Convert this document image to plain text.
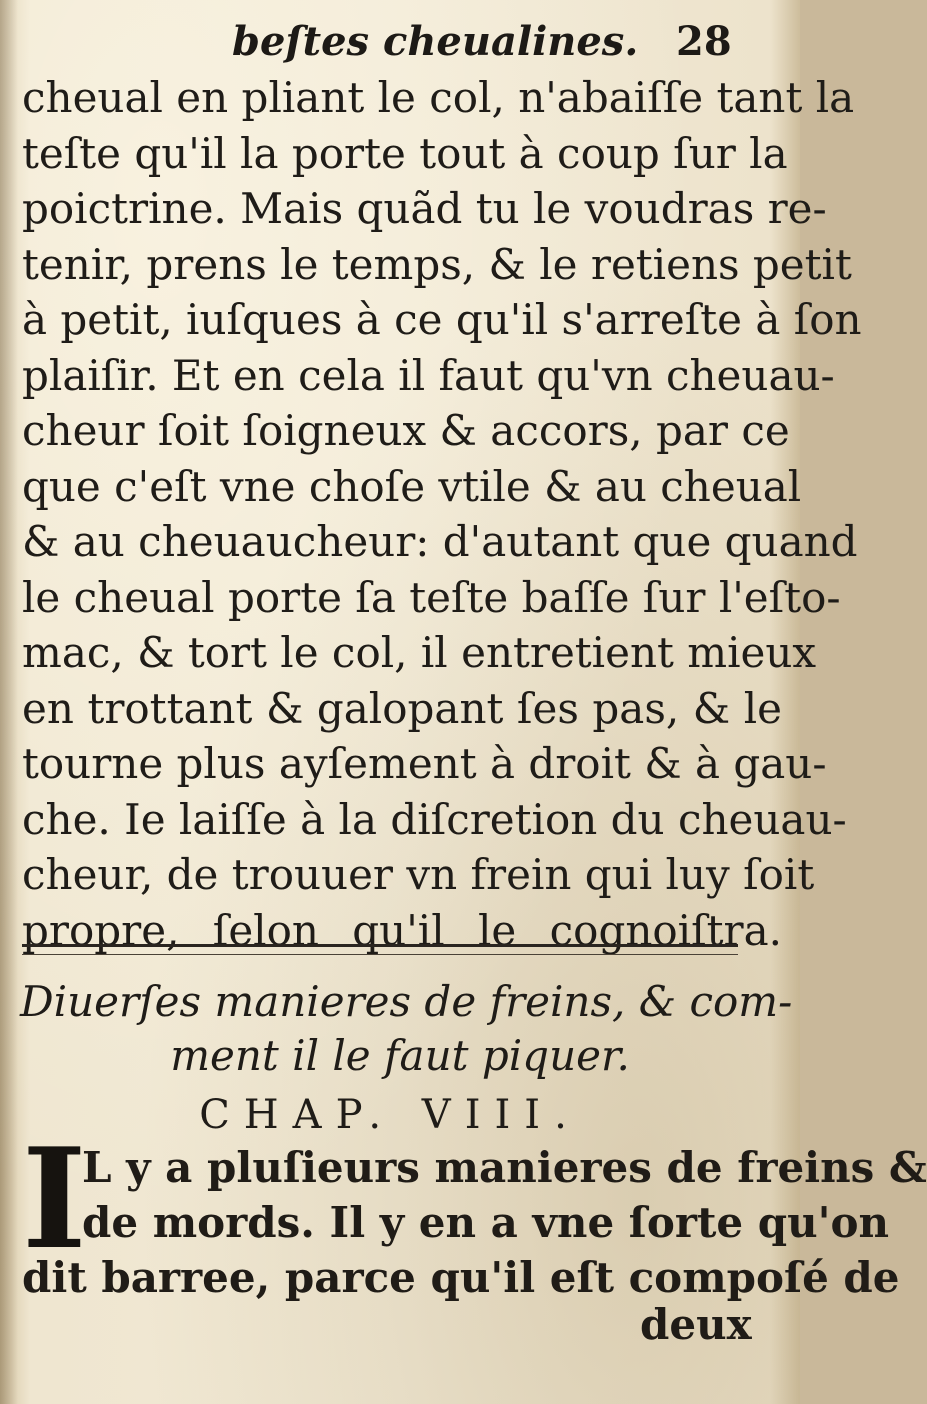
beſtes cheualines. 28
cheual en pliant le col, n'abaiſſe tant la
teſte qu'il la porte tout à coup ſur la
poictrine. Mais quãd tu le voudras re-
tenir, prens le temps, & le retiens petit
à petit, iuſques à ce qu'il s'arreſte à ſon
plaiſir. Et en cela il faut qu'vn cheuau-
cheur ſoit ſoigneux & accors, par ce
que c'eſt vne choſe vtile & au cheual
& au cheuaucheur: d'autant que quand
le cheual porte ſa teſte baſſe ſur l'eſto-
mac, & tort le col, il entretient mieux
en trottant & galopant ſes pas, & le
tourne plus ayſement à droit & à gau-
che. Ie laiſſe à la diſcretion du cheuau-
cheur, de trouuer vn frein qui luy ſoit
propre, ſelon qu'il le cognoiſtra.
Diuerſes manieres de freins, & com-
ment il le faut piquer.
CHAP. VIII.
I
L y a pluſieurs manieres de freins &
de mords. Il y en a vne ſorte qu'on
dit barree, parce qu'il eſt compoſé de
deux
